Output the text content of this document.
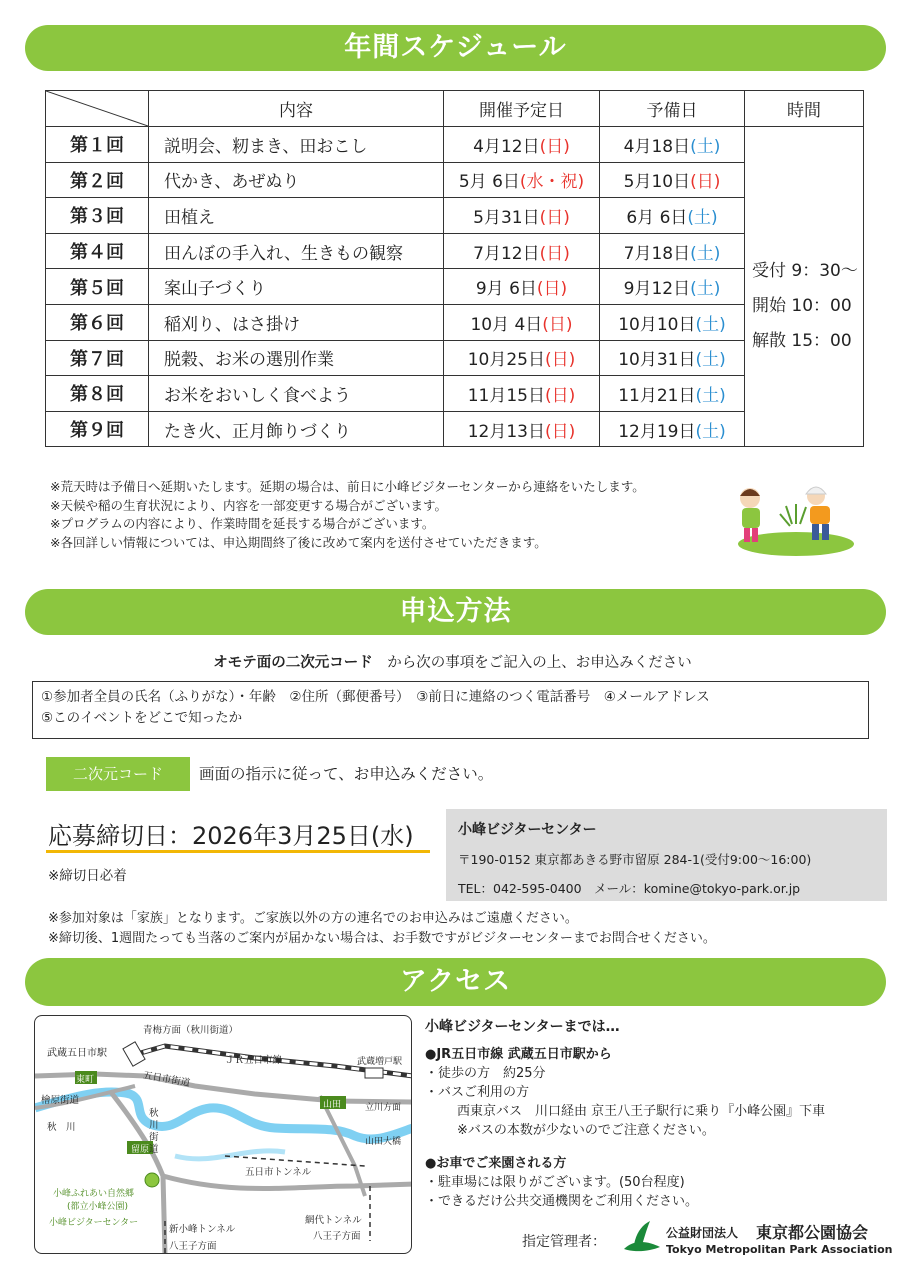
年間スケジュール
	内容	開催予定日	予備日	時間
第１回	説明会、籾まき、田おこし	4月12日(日)	4月18日(土)	受付 9：30～
開始 10：00
解散 15：00

第２回	代かき、あぜぬり	5月 6日(水・祝)	5月10日(日)	
第３回	田植え	5月31日(日)	6月 6日(土)	
第４回	田んぼの手入れ、生きもの観察	7月12日(日)	7月18日(土)	
第５回	案山子づくり	9月 6日(日)	9月12日(土)	
第６回	稲刈り、はさ掛け	10月 4日(日)	10月10日(土)	
第７回	脱穀、お米の選別作業	10月25日(日)	10月31日(土)	
第８回	お米をおいしく食べよう	11月15日(日)	11月21日(土)	
第９回	たき火、正月飾りづくり	12月13日(日)	12月19日(土)	
※荒天時は予備日へ延期いたします。延期の場合は、前日に小峰ビジターセンターから連絡をいたします。
※天候や稲の生育状況により、内容を一部変更する場合がございます。
※プログラムの内容により、作業時間を延長する場合がございます。
※各回詳しい情報については、申込期間終了後に改めて案内を送付させていただきます。
申込方法
オモテ面の二次元コード　から次の事項をご記入の上、お申込みください
①参加者全員の氏名（ふりがな）・年齢　②住所（郵便番号）　③前日に連絡のつく電話番号　④メールアドレス
⑤このイベントをどこで知ったか
二次元コード	画面の指示に従って、お申込みください。
応募締切日：2026年3月25日(水)
※締切日必着
小峰ビジターセンター
〒190-0152 東京都あきる野市留原 284-1(受付9:00～16:00)
TEL：042-595-0400　メール：komine@tokyo-park.or.jp
※参加対象は「家族」となります。ご家族以外の方の連名でのお申込みはご遠慮ください。
※締切後、1週間たっても当落のご案内が届かない場合は、お手数ですがビジターセンターまでお問合せください。
アクセス
青梅方面（秋川街道）
武蔵五日市駅
ＪＲ五日市線	武蔵増戸駅
東町	五日市街道
檜原街道
秋　川
秋
川
街
道
山田	立川方面
山田大橋
留原
五日市トンネル
小峰ふれあい自然郷
(都立小峰公園)
小峰ビジターセンター
新小峰トンネル
八王子方面
網代トンネル
八王子方面
小峰ビジターセンターまでは…
●JR五日市線 武蔵五日市駅から
・徒歩の方　約25分
・バスご利用の方
西東京バス　川口経由 京王八王子駅行に乗り『小峰公園』下車
※バスの本数が少ないのでご注意ください。
●お車でご来園される方
・駐車場には限りがございます。(50台程度)
・できるだけ公共交通機関をご利用ください。
指定管理者：
公益財団法人 東京都公園協会
Tokyo Metropolitan Park Association
